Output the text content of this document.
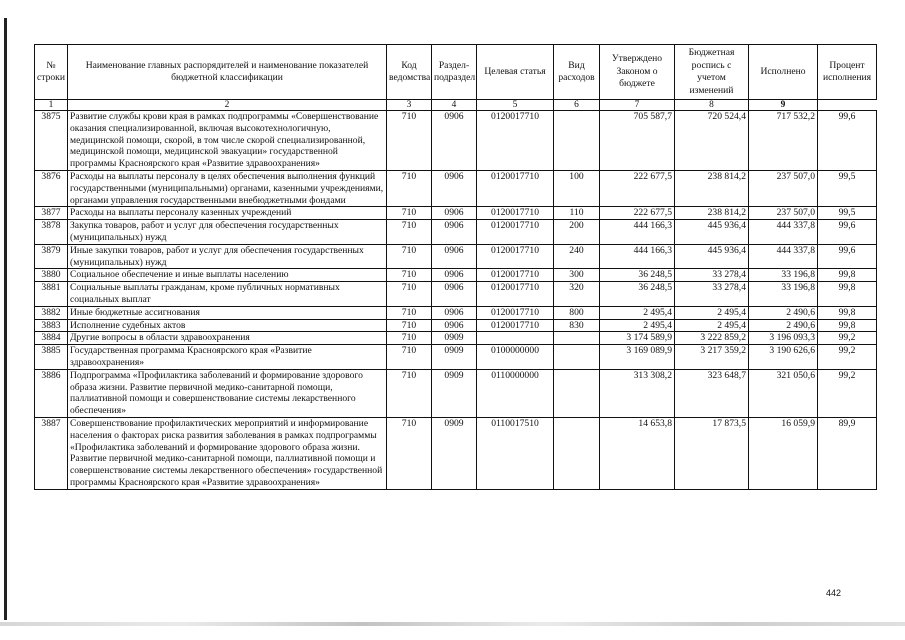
№ строки	Наименование главных распорядителей и наименование показателей бюджетной классификации	Код ведомства	Раздел-подраздел	Целевая статья	Вид расходов	Утверждено Законом о бюджете	Бюджетная роспись с учетом изменений	Исполнено	Процент исполнения
1	2	3	4	5	6	7	8	9	
3875	Развитие службы крови края в рамках подпрограммы «Совершенствование оказания специализированной, включая высокотехнологичную, медицинской помощи, скорой, в том числе скорой специализированной, медицинской помощи, медицинской эвакуации» государственной программы Красноярского края «Развитие здравоохранения»	710	0906	0120017710		705 587,7	720 524,4	717 532,2	99,6
3876	Расходы на выплаты персоналу в целях обеспечения выполнения функций государственными (муниципальными) органами, казенными учреждениями, органами управления государственными внебюджетными фондами	710	0906	0120017710	100	222 677,5	238 814,2	237 507,0	99,5
3877	Расходы на выплаты персоналу казенных учреждений	710	0906	0120017710	110	222 677,5	238 814,2	237 507,0	99,5
3878	Закупка товаров, работ и услуг для обеспечения государственных (муниципальных) нужд	710	0906	0120017710	200	444 166,3	445 936,4	444 337,8	99,6
3879	Иные закупки товаров, работ и услуг для обеспечения государственных (муниципальных) нужд	710	0906	0120017710	240	444 166,3	445 936,4	444 337,8	99,6
3880	Социальное обеспечение и иные выплаты населению	710	0906	0120017710	300	36 248,5	33 278,4	33 196,8	99,8
3881	Социальные выплаты гражданам, кроме публичных нормативных социальных выплат	710	0906	0120017710	320	36 248,5	33 278,4	33 196,8	99,8
3882	Иные бюджетные ассигнования	710	0906	0120017710	800	2 495,4	2 495,4	2 490,6	99,8
3883	Исполнение судебных актов	710	0906	0120017710	830	2 495,4	2 495,4	2 490,6	99,8
3884	Другие вопросы в области здравоохранения	710	0909			3 174 589,9	3 222 859,2	3 196 093,3	99,2
3885	Государственная программа Красноярского края «Развитие здравоохранения»	710	0909	0100000000		3 169 089,9	3 217 359,2	3 190 626,6	99,2
3886	Подпрограмма «Профилактика заболеваний и формирование здорового образа жизни. Развитие первичной медико-санитарной помощи, паллиативной помощи и совершенствование системы лекарственного обеспечения»	710	0909	0110000000		313 308,2	323 648,7	321 050,6	99,2
3887	Совершенствование профилактических мероприятий и информирование населения о факторах риска развития заболевания в рамках подпрограммы «Профилактика заболеваний и формирование здорового образа жизни. Развитие первичной медико-санитарной помощи, паллиативной помощи и совершенствование системы лекарственного обеспечения» государственной программы Красноярского края «Развитие здравоохранения»	710	0909	0110017510		14 653,8	17 873,5	16 059,9	89,9
442
